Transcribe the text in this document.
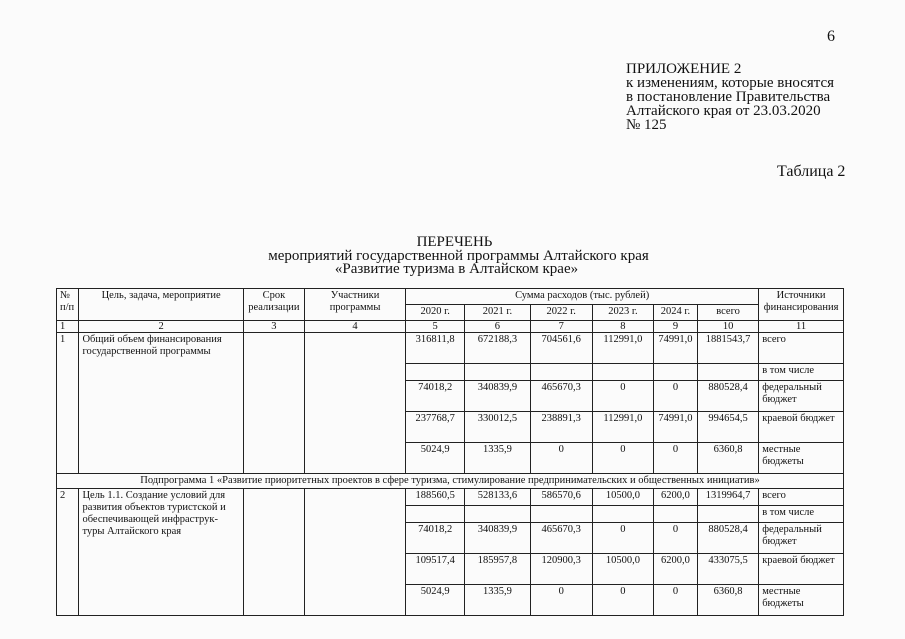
6
ПРИЛОЖЕНИЕ 2
к изменениям, которые вносятся
в постановление Правительства
Алтайского края от 23.03.2020
№ 125
Таблица 2
ПЕРЕЧЕНЬ
мероприятий государственной программы Алтайского края
«Развитие туризма в Алтайском крае»
№ п/п	Цель, задача, мероприятие	Срок реализации	Участники программы	Сумма расходов (тыс. рублей)						Источники финансирования
				2020 г.	2021 г.	2022 г.	2023 г.	2024 г.	всего	
1	2	3	4	5	6	7	8	9	10	11
1	Общий объем финансирования государственной программы			316811,8	672188,3	704561,6	112991,0	74991,0	1881543,7	всего
										в том числе
				74018,2	340839,9	465670,3	0	0	880528,4	федеральный бюджет
				237768,7	330012,5	238891,3	112991,0	74991,0	994654,5	краевой бюджет
				5024,9	1335,9	0	0	0	6360,8	местные бюджеты
Подпрограмма 1 «Развитие приоритетных проектов в сфере туризма, стимулирование предпринимательских и общественных инициатив»										
2	Цель 1.1. Создание условий для развития объектов туристской и обеспечивающей инфраструк-туры Алтайского края			188560,5	528133,6	586570,6	10500,0	6200,0	1319964,7	всего
										в том числе
				74018,2	340839,9	465670,3	0	0	880528,4	федеральный бюджет
				109517,4	185957,8	120900,3	10500,0	6200,0	433075,5	краевой бюджет
				5024,9	1335,9	0	0	0	6360,8	местные бюджеты
